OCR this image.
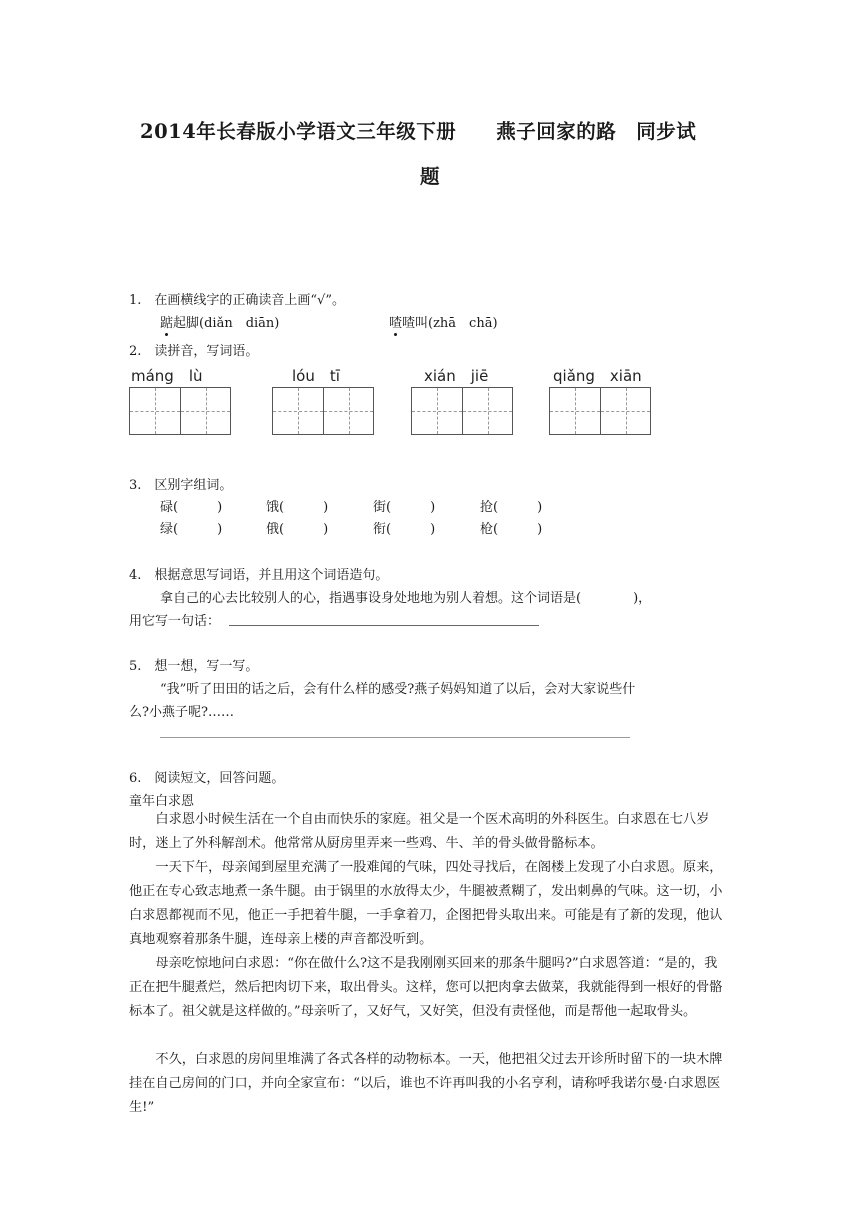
2014年长春版小学语文三年级下册　　燕子回家的路　同步试
题
1.　在画横线字的正确读音上画“√”。
踮起脚(diǎn　diān)	喳喳叫(zhā　chā)
2.　读拼音，写词语。
máng　lù	lóu　tī	xián　jiē	qiǎng　xiān
3.　区别字组词。
碌(　　　)	饿(　　　)	街(　　　)	抢(　　　)
绿(　　　)	俄(　　　)	衔(　　　)	枪(　　　)
4.　根据意思写词语，并且用这个词语造句。
拿自己的心去比较别人的心，指遇事设身处地地为别人着想。这个词语是(　　　　)，
用它写一句话：
5.　想一想，写一写。
“我”听了田田的话之后，会有什么样的感受?燕子妈妈知道了以后，会对大家说些什
么?小燕子呢?……
6.　阅读短文，回答问题。
童年白求恩
白求恩小时候生活在一个自由而快乐的家庭。祖父是一个医术高明的外科医生。白求恩在七八岁时，迷上了外科解剖术。他常常从厨房里弄来一些鸡、牛、羊的骨头做骨骼标本。
一天下午，母亲闻到屋里充满了一股难闻的气味，四处寻找后，在阁楼上发现了小白求恩。原来，他正在专心致志地煮一条牛腿。由于锅里的水放得太少，牛腿被煮糊了，发出刺鼻的气味。这一切，小白求恩都视而不见，他正一手把着牛腿，一手拿着刀，企图把骨头取出来。可能是有了新的发现，他认真地观察着那条牛腿，连母亲上楼的声音都没听到。
母亲吃惊地问白求恩：“你在做什么?这不是我刚刚买回来的那条牛腿吗?”白求恩答道：“是的，我正在把牛腿煮烂，然后把肉切下来，取出骨头。这样，您可以把肉拿去做菜，我就能得到一根好的骨骼标本了。祖父就是这样做的。”母亲听了，又好气，又好笑，但没有责怪他，而是帮他一起取骨头。
不久，白求恩的房间里堆满了各式各样的动物标本。一天，他把祖父过去开诊所时留下的一块木牌挂在自己房间的门口，并向全家宣布：“以后，谁也不许再叫我的小名亨利，请称呼我诺尔曼·白求恩医生!”
